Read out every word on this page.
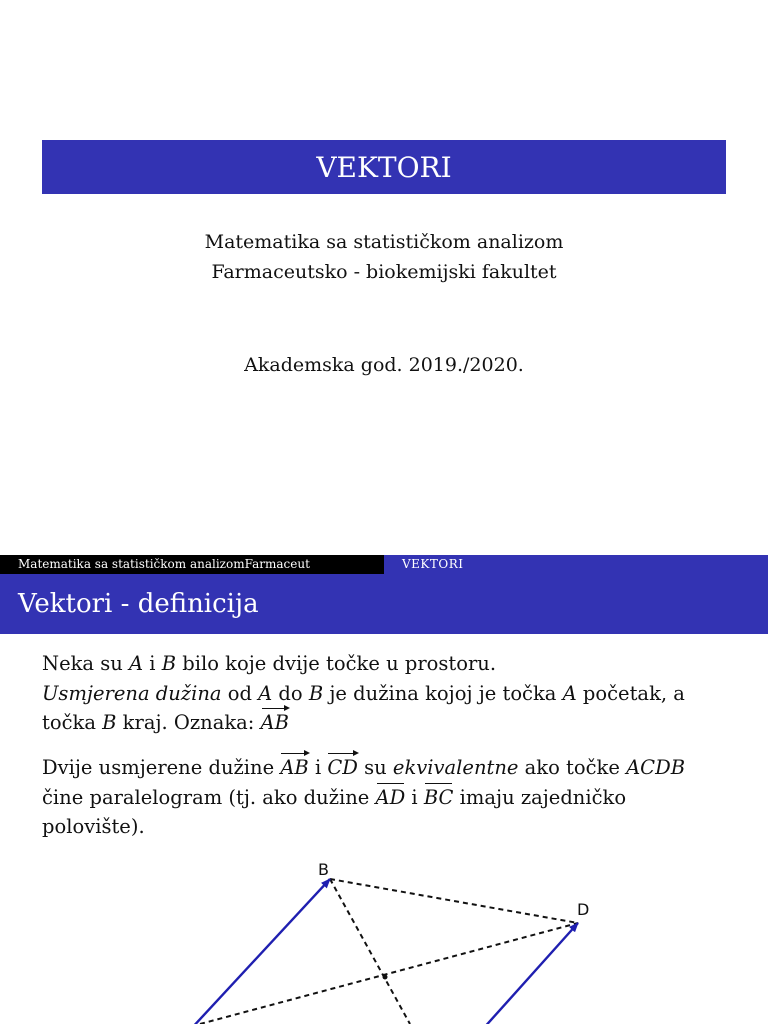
VEKTORI
Matematika sa statističkom analizom
Farmaceutsko - biokemijski fakultet
Akademska god. 2019./2020.
Matematika sa statističkom analizomFarmaceut	VEKTORI
Vektori - definicija

Neka su A i B bilo koje dvije točke u prostoru.

Usmjerena dužina od A do B je dužina kojoj je točka A početak, a
točka B kraj. Oznaka: AB

Dvije usmjerene dužine AB i CD su ekvivalentne ako točke ACDB
čine paralelogram (tj. ako dužine AD i BC imaju zajedničko
polovište).

B
D
